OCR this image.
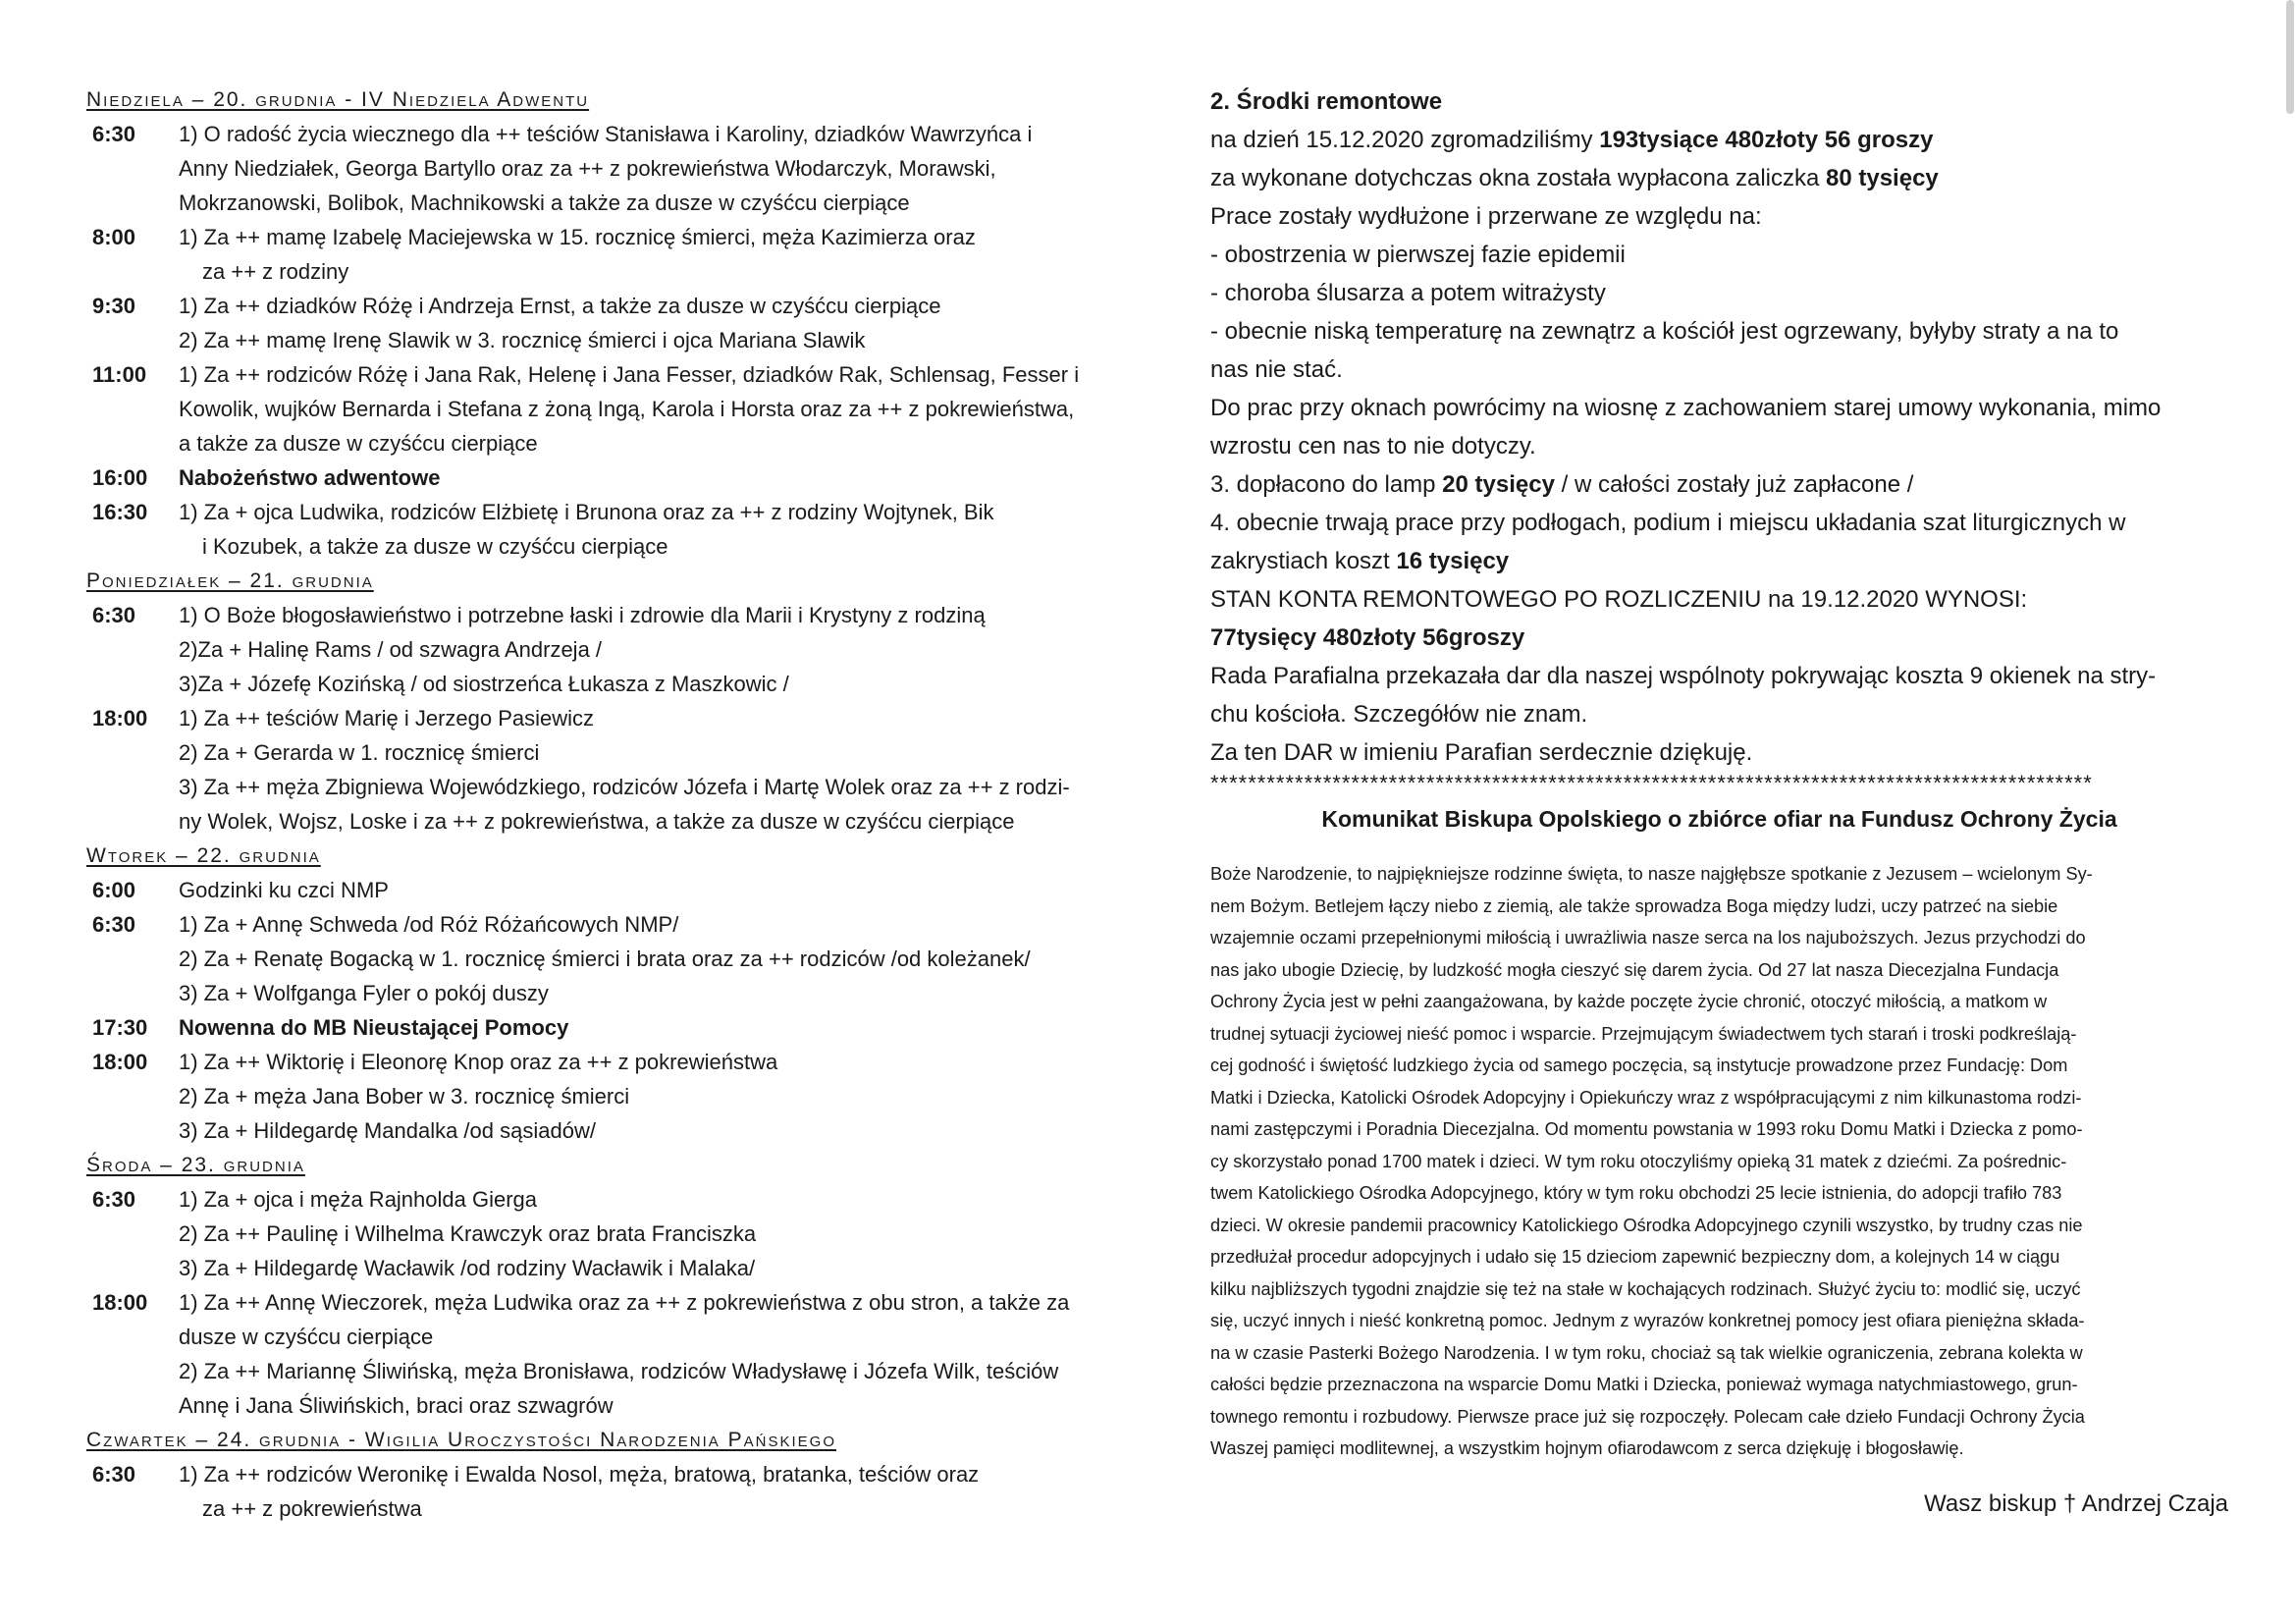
Niedziela – 20. grudnia - IV Niedziela Adwentu
6:30	1) O radość życia wiecznego dla ++ teściów Stanisława i Karoliny, dziadków Wawrzyńca i
Anny Niedziałek, Georga Bartyllo oraz za ++ z pokrewieństwa Włodarczyk, Morawski,
Mokrzanowski, Bolibok, Machnikowski a także za dusze w czyśćcu cierpiące
8:00	1) Za ++ mamę Izabelę Maciejewska w 15. rocznicę śmierci, męża Kazimierza oraz
za ++ z rodziny
9:30	1) Za ++ dziadków Różę i Andrzeja Ernst, a także za dusze w czyśćcu cierpiące
2) Za ++ mamę Irenę Slawik w 3. rocznicę śmierci i ojca Mariana Slawik
11:00	1) Za ++ rodziców Różę i Jana Rak, Helenę i Jana Fesser, dziadków Rak, Schlensag, Fesser i
Kowolik, wujków Bernarda i Stefana z żoną Ingą, Karola i Horsta oraz za ++ z pokrewieństwa,
a także za dusze w czyśćcu cierpiące
16:00	Nabożeństwo adwentowe
16:30	1) Za + ojca Ludwika, rodziców Elżbietę i Brunona oraz za ++ z rodziny Wojtynek, Bik
i Kozubek, a także za dusze w czyśćcu cierpiące
Poniedziałek – 21. grudnia
6:30	1) O Boże błogosławieństwo i potrzebne łaski i zdrowie dla Marii i Krystyny z rodziną
2)Za + Halinę Rams / od szwagra Andrzeja /
3)Za + Józefę Kozińską / od siostrzeńca Łukasza z Maszkowic /
18:00	1) Za ++ teściów Marię i Jerzego Pasiewicz
2) Za + Gerarda w 1. rocznicę śmierci
3) Za ++ męża Zbigniewa Wojewódzkiego, rodziców Józefa i Martę Wolek oraz za ++ z rodzi-
ny Wolek, Wojsz, Loske i za ++ z pokrewieństwa, a także za dusze w czyśćcu cierpiące
Wtorek – 22. grudnia
6:00	Godzinki ku czci NMP
6:30	1) Za + Annę Schweda /od Róż Różańcowych NMP/
2) Za + Renatę Bogacką w 1. rocznicę śmierci i brata oraz za ++ rodziców /od koleżanek/
3) Za + Wolfganga Fyler o pokój duszy
17:30	Nowenna do MB Nieustającej Pomocy
18:00	1) Za ++ Wiktorię i Eleonorę Knop oraz za ++ z pokrewieństwa
2) Za + męża Jana Bober w 3. rocznicę śmierci
3) Za + Hildegardę Mandalka /od sąsiadów/
Środa – 23. grudnia
6:30	1) Za + ojca i męża Rajnholda Gierga
2) Za ++ Paulinę i Wilhelma Krawczyk oraz brata Franciszka
3) Za + Hildegardę Wacławik /od rodziny Wacławik i Malaka/
18:00	1) Za ++ Annę Wieczorek, męża Ludwika oraz za ++ z pokrewieństwa z obu stron, a także za
dusze w czyśćcu cierpiące
2) Za ++ Mariannę Śliwińską, męża Bronisława, rodziców Władysławę i Józefa Wilk, teściów
Annę i Jana Śliwińskich, braci oraz szwagrów
Czwartek – 24. grudnia - Wigilia Uroczystości Narodzenia Pańskiego
6:30	1) Za ++ rodziców Weronikę i Ewalda Nosol, męża, bratową, bratanka, teściów oraz
za ++ z pokrewieństwa
2. Środki remontowe
na dzień 15.12.2020 zgromadziliśmy 193tysiące 480złoty 56 groszy
za wykonane dotychczas okna została wypłacona zaliczka 80 tysięcy
Prace zostały wydłużone i przerwane ze względu na:
- obostrzenia w pierwszej fazie epidemii
- choroba ślusarza a potem witrażysty
- obecnie niską temperaturę na zewnątrz a kościół jest ogrzewany, byłyby straty a na to
nas nie stać.
Do prac przy oknach powrócimy na wiosnę z zachowaniem starej umowy wykonania, mimo
wzrostu cen nas to nie dotyczy.
3. dopłacono do lamp 20 tysięcy / w całości zostały już zapłacone /
4. obecnie trwają prace przy podłogach, podium i miejscu układania szat liturgicznych w
zakrystiach koszt 16 tysięcy
STAN KONTA REMONTOWEGO PO ROZLICZENIU na 19.12.2020 WYNOSI:
77tysięcy 480złoty 56groszy
Rada Parafialna przekazała dar dla naszej wspólnoty pokrywając koszta 9 okienek na stry-
chu kościoła. Szczegółów nie znam.
Za ten DAR w imieniu Parafian serdecznie dziękuję.
**********************************************************************************************
Komunikat Biskupa Opolskiego o zbiórce ofiar na Fundusz Ochrony Życia
Boże Narodzenie, to najpiękniejsze rodzinne święta, to nasze najgłębsze spotkanie z Jezusem – wcielonym Sy-
nem Bożym. Betlejem łączy niebo z ziemią, ale także sprowadza Boga między ludzi, uczy patrzeć na siebie
wzajemnie oczami przepełnionymi miłością i uwrażliwia nasze serca na los najuboższych. Jezus przychodzi do
nas jako ubogie Dziecię, by ludzkość mogła cieszyć się darem życia. Od 27 lat nasza Diecezjalna Fundacja
Ochrony Życia jest w pełni zaangażowana, by każde poczęte życie chronić, otoczyć miłością, a matkom w
trudnej sytuacji życiowej nieść pomoc i wsparcie. Przejmującym świadectwem tych starań i troski podkreślają-
cej godność i świętość ludzkiego życia od samego poczęcia, są instytucje prowadzone przez Fundację: Dom
Matki i Dziecka, Katolicki Ośrodek Adopcyjny i Opiekuńczy wraz z współpracującymi z nim kilkunastoma rodzi-
nami zastępczymi i Poradnia Diecezjalna. Od momentu powstania w 1993 roku Domu Matki i Dziecka z pomo-
cy skorzystało ponad 1700 matek i dzieci. W tym roku otoczyliśmy opieką 31 matek z dziećmi. Za pośrednic-
twem Katolickiego Ośrodka Adopcyjnego, który w tym roku obchodzi 25 lecie istnienia, do adopcji trafiło 783
dzieci. W okresie pandemii pracownicy Katolickiego Ośrodka Adopcyjnego czynili wszystko, by trudny czas nie
przedłużał procedur adopcyjnych i udało się 15 dzieciom zapewnić bezpieczny dom, a kolejnych 14 w ciągu
kilku najbliższych tygodni znajdzie się też na stałe w kochających rodzinach. Służyć życiu to: modlić się, uczyć
się, uczyć innych i nieść konkretną pomoc. Jednym z wyrazów konkretnej pomocy jest ofiara pieniężna składa-
na w czasie Pasterki Bożego Narodzenia. I w tym roku, chociaż są tak wielkie ograniczenia, zebrana kolekta w
całości będzie przeznaczona na wsparcie Domu Matki i Dziecka, ponieważ wymaga natychmiastowego, grun-
townego remontu i rozbudowy. Pierwsze prace już się rozpoczęły. Polecam całe dzieło Fundacji Ochrony Życia
Waszej pamięci modlitewnej, a wszystkim hojnym ofiarodawcom z serca dziękuję i błogosławię.
Wasz biskup † Andrzej Czaja
